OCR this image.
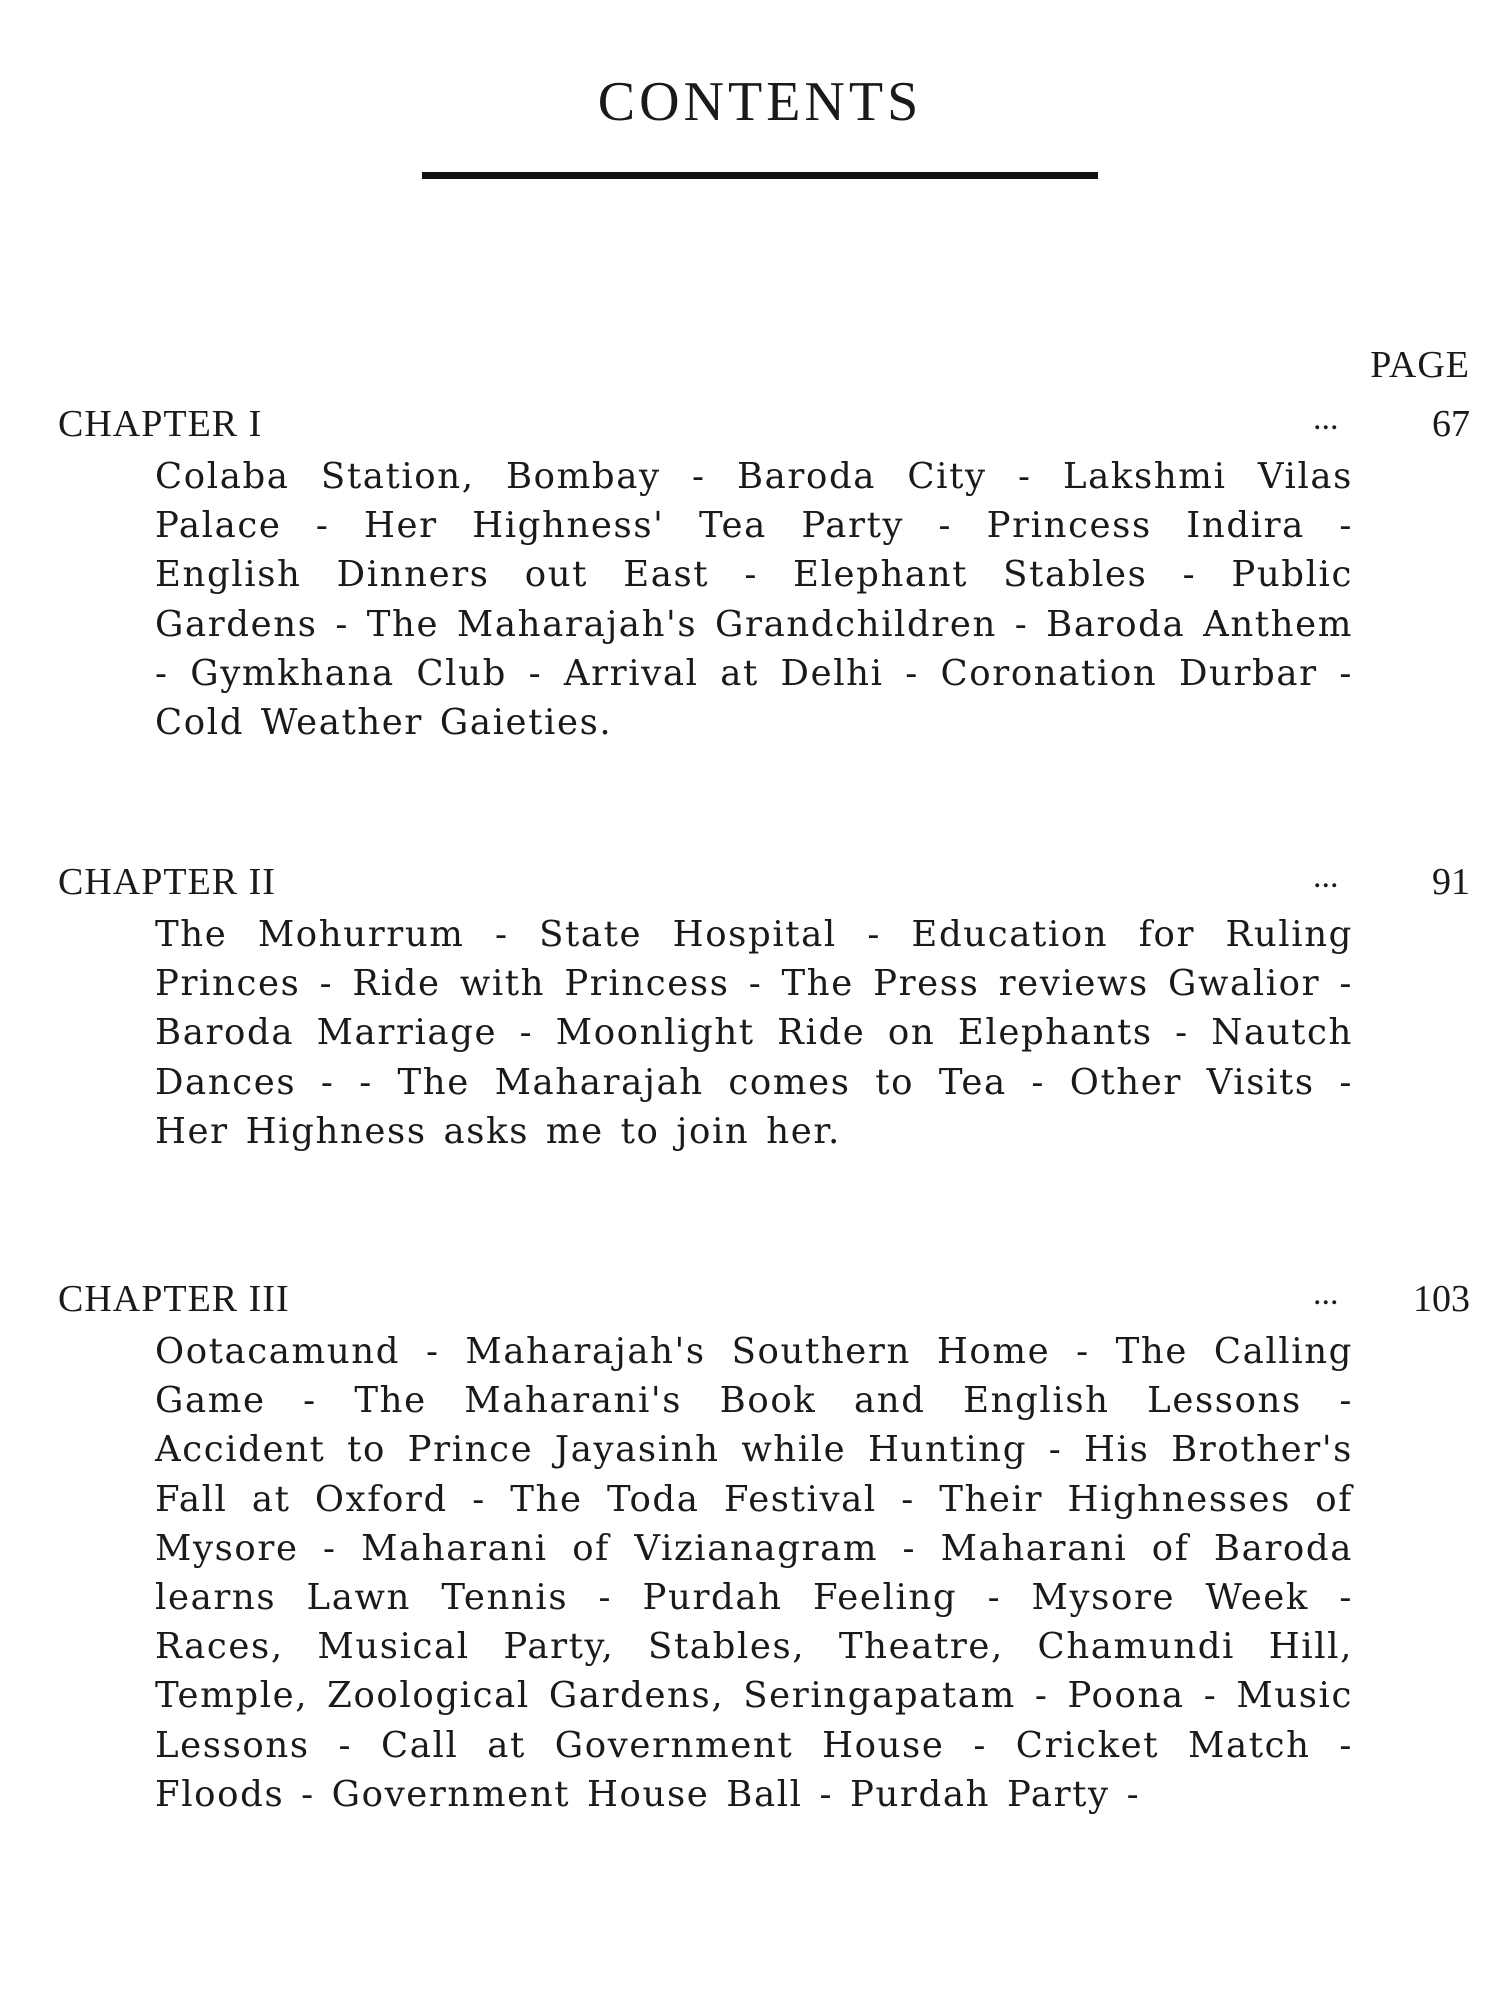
CONTENTS
PAGE
CHAPTER I	... 67

Colaba Station, Bombay - Baroda City - Lakshmi Vilas Palace - Her Highness' Tea Party - Princess Indira - English Dinners out East - Elephant Stables - Public Gardens - The Maharajah's Grandchildren - Baroda Anthem - Gymkhana Club - Arrival at Delhi - Coronation Durbar - Cold Weather Gaieties.

CHAPTER II	... 91

The Mohurrum - State Hospital - Education for Ruling Princes - Ride with Princess - The Press reviews Gwalior - Baroda Marriage - Moonlight Ride on Elephants - Nautch Dances - - The Maharajah comes to Tea - Other Visits - Her Highness asks me to join her.

CHAPTER III	... 103

Ootacamund - Maharajah's Southern Home - The Calling Game - The Maharani's Book and English Lessons - Accident to Prince Jayasinh while Hunting - His Brother's Fall at Oxford - The Toda Festival - Their Highnesses of Mysore - Maharani of Vizianagram - Maharani of Baroda learns Lawn Tennis - Purdah Feeling - Mysore Week - Races, Musical Party, Stables, Theatre, Chamundi Hill, Temple, Zoological Gardens, Seringapatam - Poona - Music Lessons - Call at Government House - Cricket Match - Floods - Government House Ball - Purdah Party -
